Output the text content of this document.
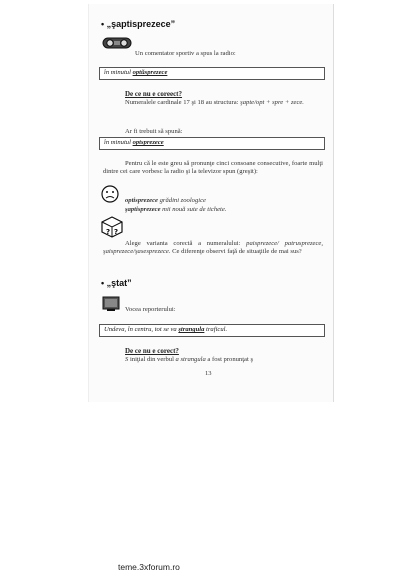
• „şaptisprezece”
Un comentator sportiv a spus la radio:
în minutul optŭsprezece
De ce nu e coreect?
Numeralele cardinale 17 şi 18 au structura: şapte/opt + spre + zece.
Ar fi trebuit să spună:
în minutul optsprezece
Pentru că le este greu să pronunţe cinci consoane consecutive, foarte mulţi dintre cei care vorbesc la radio şi la televizor spun (greşit):
optisprezece grădini zoologice
şaptisprezece mii nouă sute de tichete.
? ?
Alege varianta corectă a numeralului: paisprezece/ patrusprezece, şaisprezece/şasesprezece. Ce diferenţe observi faţă de situaţiile de mai sus?
• „ştat”
Vocea reporterului:
Undeva, în centru, tot se va ştrangula traficul.
De ce nu e corect?
S iniţial din verbul a strangula a fost pronunţat ş
13
teme.3xforum.ro
